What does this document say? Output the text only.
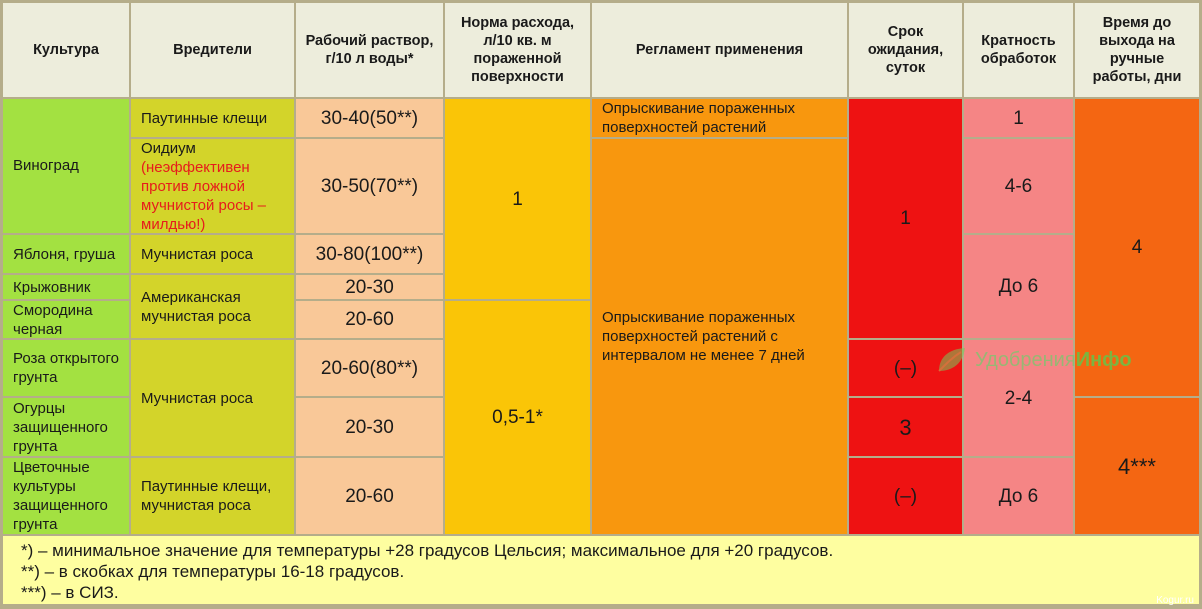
Культура	Вредители
Рабочий раствор, г/10 л воды*
Норма расхода, л/10 кв. м пораженной поверхности
Регламент применения
Срок ожидания, суток
Кратность обработок
Время до выхода на ручные работы, дни
Виноград
Яблоня, груша
Крыжовник
Смородина черная
Роза открытого грунта
Огурцы защищенного грунта
Цветочные культуры защищенного грунта
Паутинные клещи
Оидиум
(неэффективен против ложной мучнистой росы – милдью!)
Мучнистая роса
Американская мучнистая роса
Мучнистая роса
Паутинные клещи, мучнистая роса
30-40(50**)
30-50(70**)
30-80(100**)
20-30
20-60
20-60(80**)
20-30
20-60
1
0,5-1*
Опрыскивание пораженных поверхностей растений
Опрыскивание пораженных поверхностей растений с интервалом не менее 7 дней
1
(–)
3
(–)
1
4-6
До 6
2-4
До 6
4
4***
*) – минимальное значение для температуры +28 градусов Цельсия; максимальное для +20 градусов.
**) – в скобках для температуры 16-18 градусов.
***) – в СИЗ.
Удобрения Инфо
Kogur.ru
